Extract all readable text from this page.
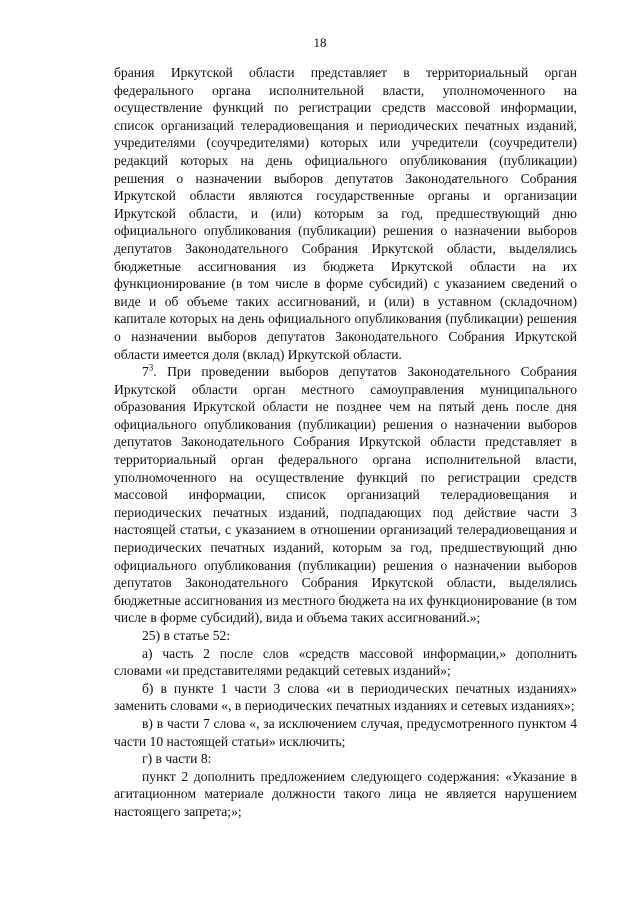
18

брания Иркутской области представляет в территориальный орган федерального органа исполнительной власти, уполномоченного на осуществление функций по регистрации средств массовой информации, список организаций телерадиовещания и периодических печатных изданий, учредителями (соучредителями) которых или учредители (соучредители) редакций которых на день официального опубликования (публикации) решения о назначении выборов депутатов Законодательного Собрания Иркутской области являются государственные органы и организации Иркутской области, и (или) которым за год, предшествующий дню официального опубликования (публикации) решения о назначении выборов депутатов Законодательного Собрания Иркутской области, выделялись бюджетные ассигнования из бюджета Иркутской области на их функционирование (в том числе в форме субсидий) с указанием сведений о виде и об объеме таких ассигнований, и (или) в уставном (складочном) капитале которых на день официального опубликования (публикации) решения о назначении выборов депутатов Законодательного Собрания Иркутской области имеется доля (вклад) Иркутской области.

$7^3$. При проведении выборов депутатов Законодательного Собрания Иркутской области орган местного самоуправления муниципального образования Иркутской области не позднее чем на пятый день после дня официального опубликования (публикации) решения о назначении выборов депутатов Законодательного Собрания Иркутской области представляет в территориальный орган федерального органа исполнительной власти, уполномоченного на осуществление функций по регистрации средств массовой информации, список организаций телерадиовещания и периодических печатных изданий, подпадающих под действие части 3 настоящей статьи, с указанием в отношении организаций телерадиовещания и периодических печатных изданий, которым за год, предшествующий дню официального опубликования (публикации) решения о назначении выборов депутатов Законодательного Собрания Иркутской области, выделялись бюджетные ассигнования из местного бюджета на их функционирование (в том числе в форме субсидий), вида и объема таких ассигнований.»;

25) в статье 52:

а) часть 2 после слов «средств массовой информации,» дополнить словами «и представителями редакций сетевых изданий»;

б) в пункте 1 части 3 слова «и в периодических печатных изданиях» заменить словами «, в периодических печатных изданиях и сетевых изданиях»;

в) в части 7 слова «, за исключением случая, предусмотренного пунктом 4 части 10 настоящей статьи» исключить;

г) в части 8:

пункт 2 дополнить предложением следующего содержания: «Указание в агитационном материале должности такого лица не является нарушением настоящего запрета;»;
